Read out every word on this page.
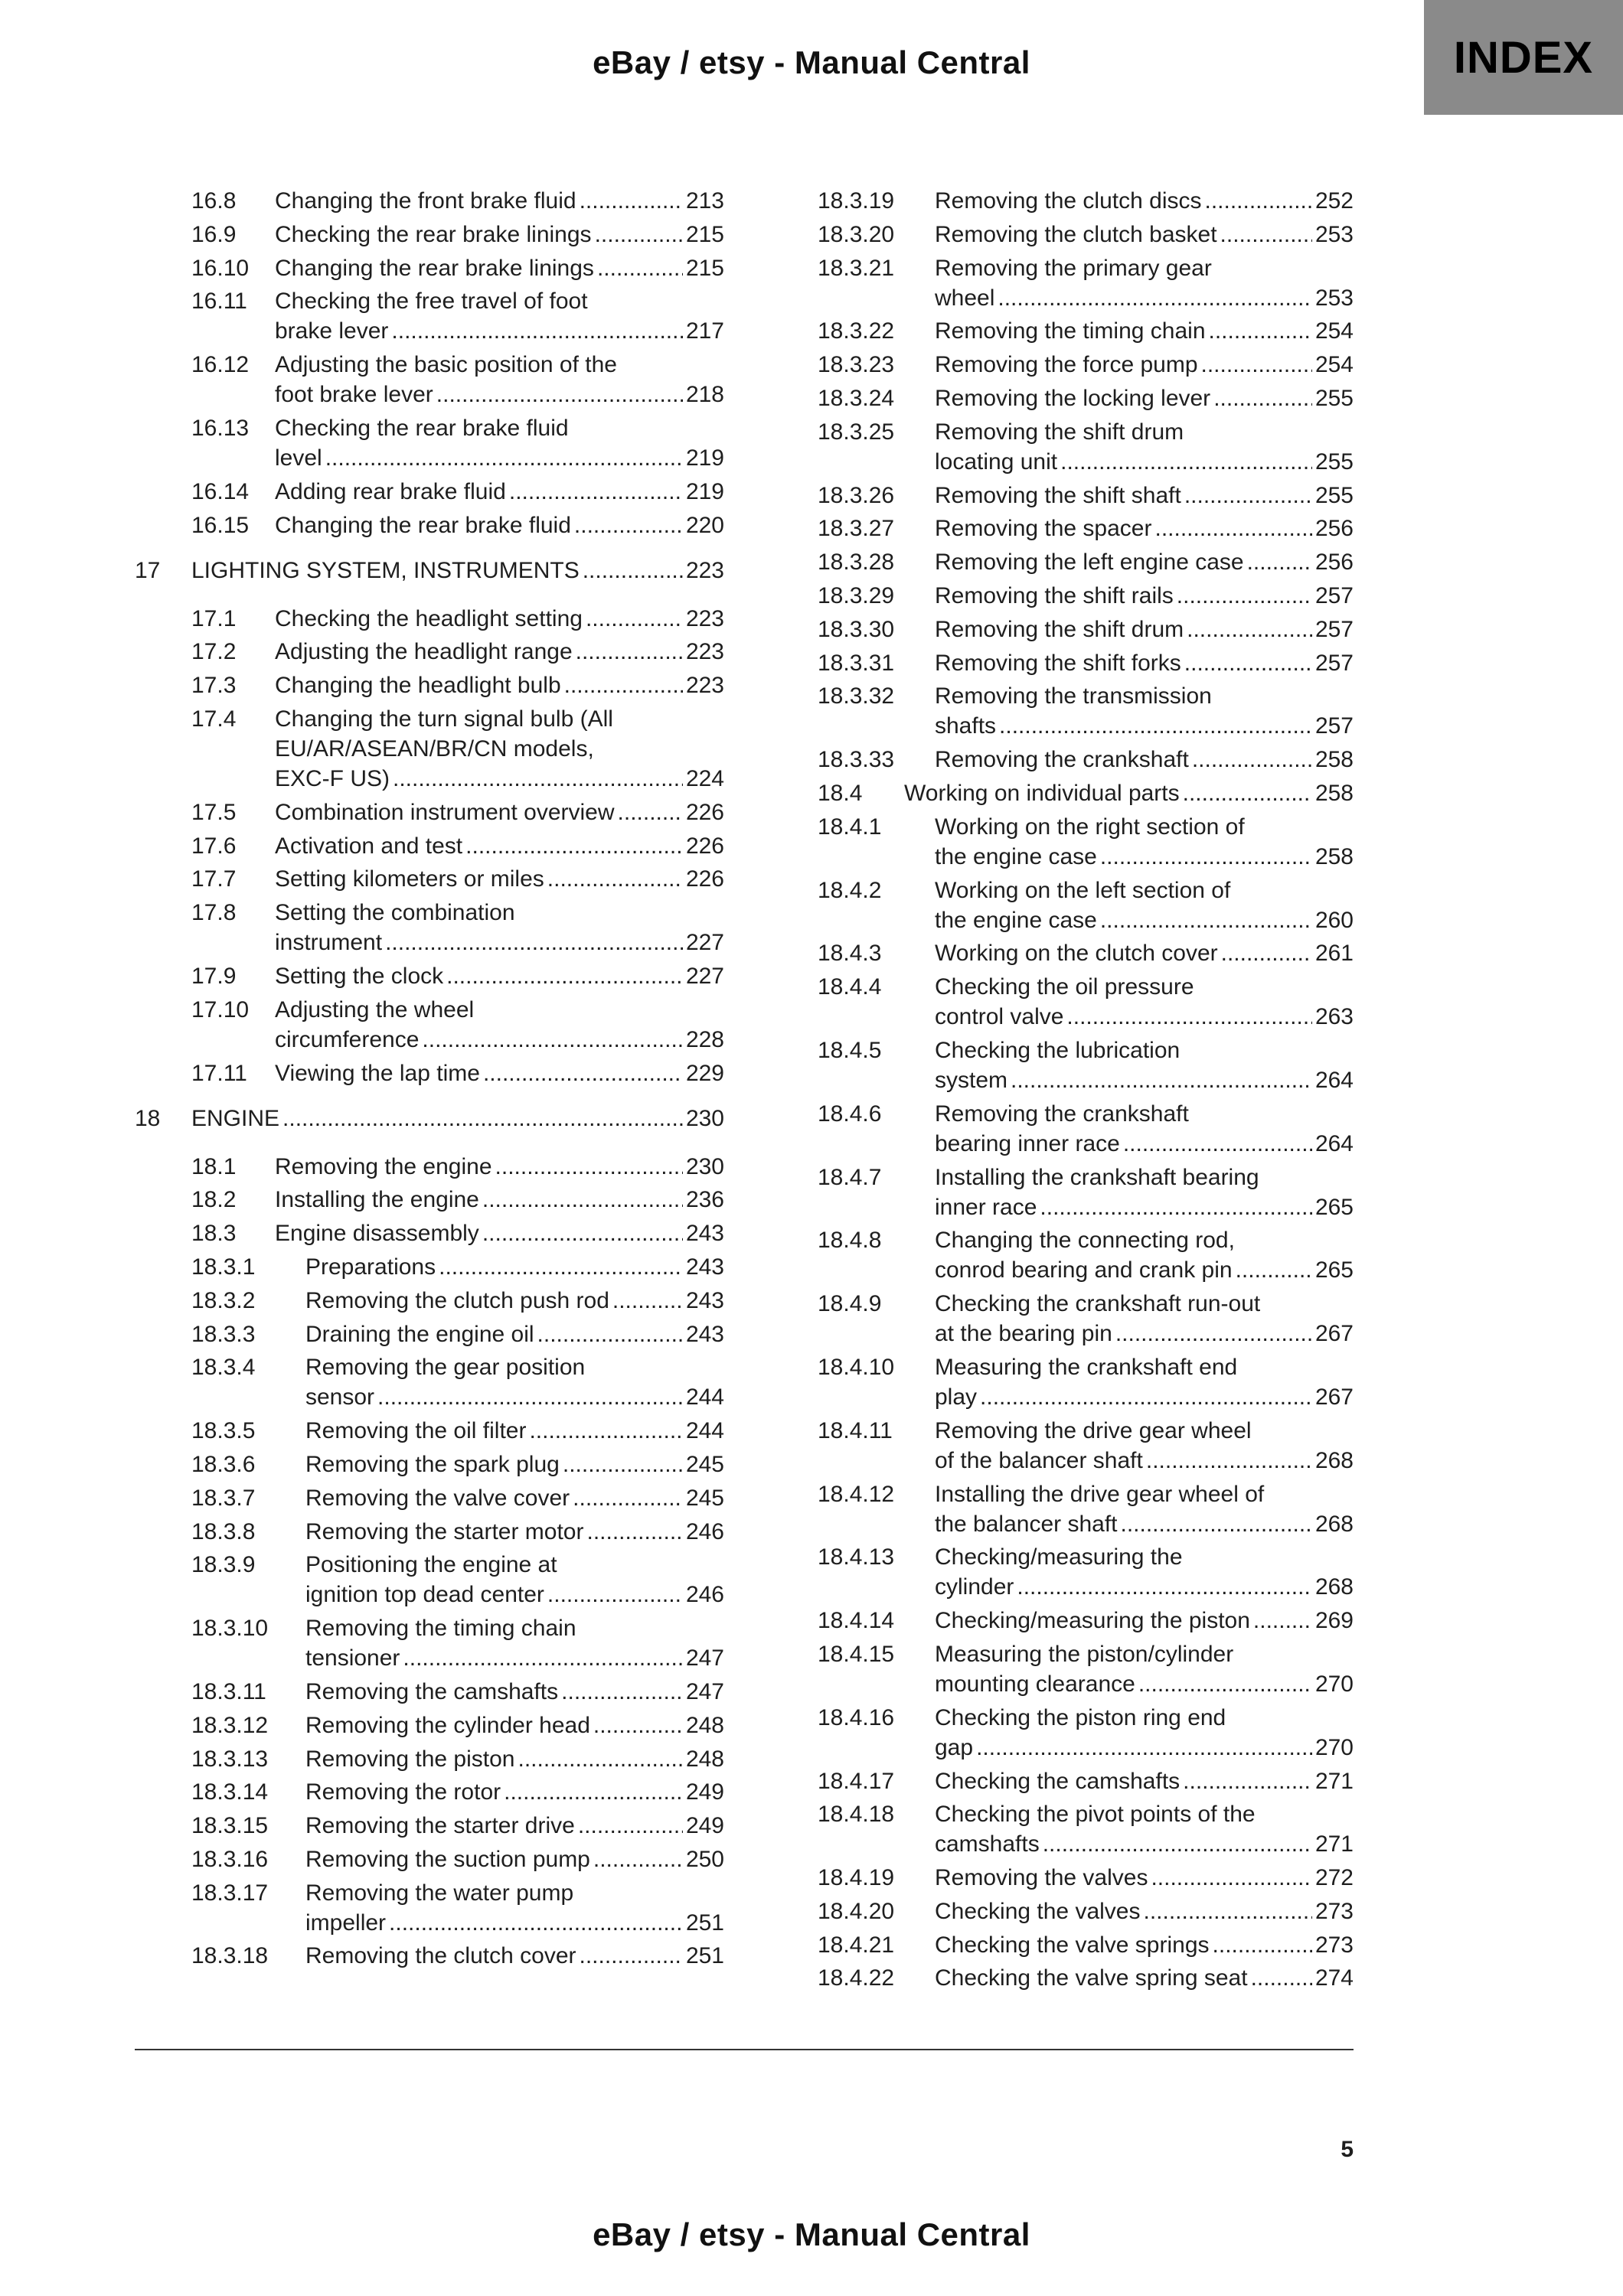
eBay / etsy - Manual Central	INDEX
16.8 Changing the front brake fluid .....	213
16.9 Checking the rear brake linings .....	215
16.10 Changing the rear brake linings .....	215
16.11 Checking the free travel of foot
brake lever .....	217
16.12 Adjusting the basic position of the
foot brake lever .....	218
16.13 Checking the rear brake fluid
level .....	219
16.14 Adding rear brake fluid .....	219
16.15 Changing the rear brake fluid .....	220
17 LIGHTING SYSTEM, INSTRUMENTS .....	223
17.1 Checking the headlight setting .....	223
17.2 Adjusting the headlight range .....	223
17.3 Changing the headlight bulb .....	223
17.4 Changing the turn signal bulb (All
EU/AR/ASEAN/BR/CN models,
EXC-F US) .....	224
17.5 Combination instrument overview .....	226
17.6 Activation and test .....	226
17.7 Setting kilometers or miles .....	226
17.8 Setting the combination
instrument .....	227
17.9 Setting the clock .....	227
17.10 Adjusting the wheel
circumference .....	228
17.11 Viewing the lap time .....	229
18 ENGINE .....	230
18.1 Removing the engine .....	230
18.2 Installing the engine .....	236
18.3 Engine disassembly .....	243
18.3.1 Preparations .....	243
18.3.2 Removing the clutch push rod .....	243
18.3.3 Draining the engine oil .....	243
18.3.4 Removing the gear position
sensor .....	244
18.3.5 Removing the oil filter .....	244
18.3.6 Removing the spark plug .....	245
18.3.7 Removing the valve cover .....	245
18.3.8 Removing the starter motor .....	246
18.3.9 Positioning the engine at
ignition top dead center .....	246
18.3.10 Removing the timing chain
tensioner .....	247
18.3.11 Removing the camshafts .....	247
18.3.12 Removing the cylinder head .....	248
18.3.13 Removing the piston .....	248
18.3.14 Removing the rotor .....	249
18.3.15 Removing the starter drive .....	249
18.3.16 Removing the suction pump .....	250
18.3.17 Removing the water pump
impeller .....	251
18.3.18 Removing the clutch cover .....	251
18.3.19 Removing the clutch discs .....	252
18.3.20 Removing the clutch basket .....	253
18.3.21 Removing the primary gear
wheel .....	253
18.3.22 Removing the timing chain .....	254
18.3.23 Removing the force pump .....	254
18.3.24 Removing the locking lever .....	255
18.3.25 Removing the shift drum
locating unit .....	255
18.3.26 Removing the shift shaft .....	255
18.3.27 Removing the spacer .....	256
18.3.28 Removing the left engine case .....	256
18.3.29 Removing the shift rails .....	257
18.3.30 Removing the shift drum .....	257
18.3.31 Removing the shift forks .....	257
18.3.32 Removing the transmission
shafts .....	257
18.3.33 Removing the crankshaft .....	258
18.4 Working on individual parts .....	258
18.4.1 Working on the right section of
the engine case .....	258
18.4.2 Working on the left section of
the engine case .....	260
18.4.3 Working on the clutch cover .....	261
18.4.4 Checking the oil pressure
control valve .....	263
18.4.5 Checking the lubrication
system .....	264
18.4.6 Removing the crankshaft
bearing inner race .....	264
18.4.7 Installing the crankshaft bearing
inner race .....	265
18.4.8 Changing the connecting rod,
conrod bearing and crank pin .....	265
18.4.9 Checking the crankshaft run-out
at the bearing pin .....	267
18.4.10 Measuring the crankshaft end
play .....	267
18.4.11 Removing the drive gear wheel
of the balancer shaft .....	268
18.4.12 Installing the drive gear wheel of
the balancer shaft .....	268
18.4.13 Checking/measuring the
cylinder .....	268
18.4.14 Checking/measuring the piston .....	269
18.4.15 Measuring the piston/cylinder
mounting clearance .....	270
18.4.16 Checking the piston ring end
gap .....	270
18.4.17 Checking the camshafts .....	271
18.4.18 Checking the pivot points of the
camshafts .....	271
18.4.19 Removing the valves .....	272
18.4.20 Checking the valves .....	273
18.4.21 Checking the valve springs .....	273
18.4.22 Checking the valve spring seat .....	274
5
eBay / etsy - Manual Central
